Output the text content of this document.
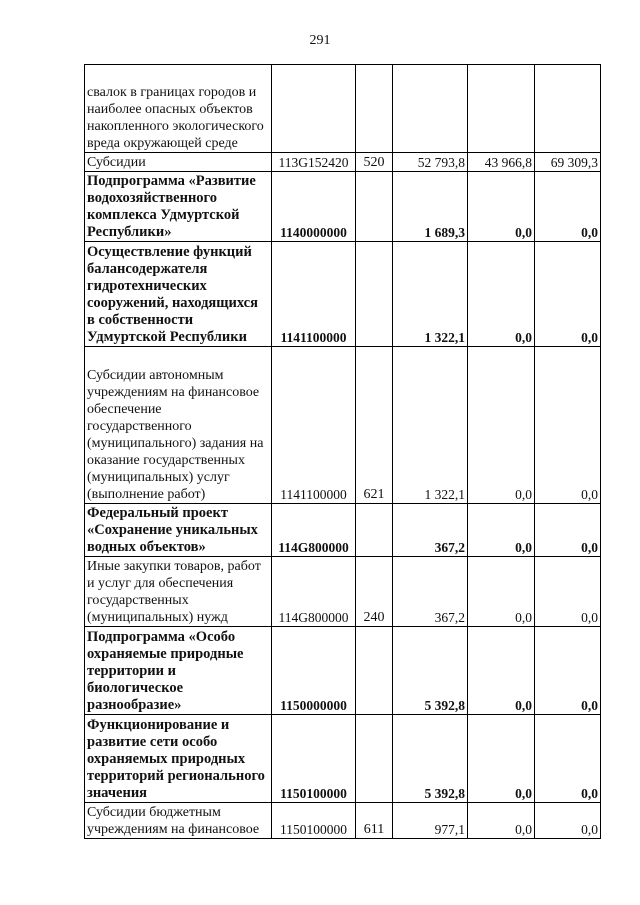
291
свалок в границах городов и наиболее опасных объектов накопленного экологического вреда окружающей среде					
Субсидии	113G152420	520	52 793,8	43 966,8	69 309,3
Подпрограмма «Развитие водохозяйственного комплекса Удмуртской Республики»	1140000000		1 689,3	0,0	0,0
Осуществление функций балансодержателя гидротехнических сооружений, находящихся в собственности Удмуртской Республики	1141100000		1 322,1	0,0	0,0
Субсидии автономным учреждениям на финансовое обеспечение государственного (муниципального) задания на оказание государственных (муниципальных) услуг (выполнение работ)	1141100000	621	1 322,1	0,0	0,0
Федеральный проект «Сохранение уникальных водных объектов»	114G800000		367,2	0,0	0,0
Иные закупки товаров, работ и услуг для обеспечения государственных (муниципальных) нужд	114G800000	240	367,2	0,0	0,0
Подпрограмма «Особо охраняемые природные территории и биологическое разнообразие»	1150000000		5 392,8	0,0	0,0
Функционирование и развитие сети особо охраняемых природных территорий регионального значения	1150100000		5 392,8	0,0	0,0
Субсидии бюджетным учреждениям на финансовое	1150100000	611	977,1	0,0	0,0
